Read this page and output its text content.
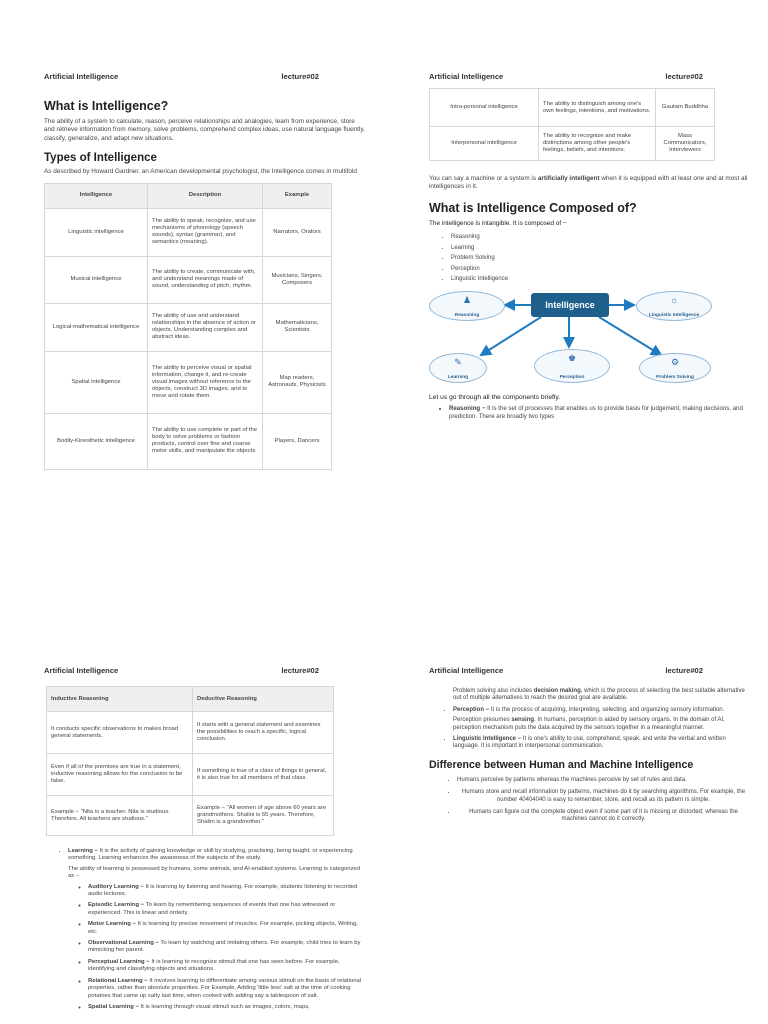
Artificial Intelligence	lecture#02
What is Intelligence?

The ability of a system to calculate, reason, perceive relationships and analogies, learn from experience, store and retrieve information from memory, solve problems, comprehend complex ideas, use natural language fluently, classify, generalize, and adapt new situations.

Types of Intelligence

As described by Howard Gardner, an American developmental psychologist, the Intelligence comes in multifold

Intelligence	Description	Example
Linguistic intelligence	The ability to speak, recognize, and use mechanisms of phonology (speech sounds), syntax (grammar), and semantics (meaning).	Narrators, Orators
Musical intelligence	The ability to create, communicate with, and understand meanings made of sound, understanding of pitch, rhythm.	Musicians, Singers, Composers
Logical-mathematical intelligence	The ability of use and understand relationships in the absence of action or objects. Understanding complex and abstract ideas.	Mathematicians, Scientists
Spatial intelligence	The ability to perceive visual or spatial information, change it, and re-create visual images without reference to the objects, construct 3D images, and to move and rotate them.	Map readers, Astronauts, Physicists
Bodily-Kinesthetic intelligence	The ability to use complete or part of the body to solve problems or fashion products, control over fine and coarse motor skills, and manipulate the objects.	Players, Dancers
Artificial Intelligence	lecture#02
Intra-personal intelligence	The ability to distinguish among one's own feelings, intentions, and motivations.	Gautam Buddhha
Interpersonal intelligence	The ability to recognize and make distinctions among other people's feelings, beliefs, and intentions.	Mass Communicators, Interviewers

You can say a machine or a system is artificially intelligent when it is equipped with at least one and at most all intelligences in it.

What is Intelligence Composed of?

The intelligence is intangible. It is composed of −

• Reasoning
• Learning
• Problem Solving
• Perception
• Linguistic Intelligence
Intelligence
♟
Reasoning
☼
Linguistic Intelligence
✎
Learning
♚
Perception
⚙
Problem Solving

Let us go through all the components briefly.

• Reasoning − It is the set of processes that enables us to provide basis for judgement, making decisions, and prediction. There are broadly two types
Artificial Intelligence	lecture#02
Inductive Reasoning	Deductive Reasoning
It conducts specific observations to makes broad general statements.	It starts with a general statement and examines the possibilities to reach a specific, logical conclusion.
Even if all of the premises are true in a statement, inductive reasoning allows for the conclusion to be false.	If something is true of a class of things in general, it is also true for all members of that class.
Example − "Nita is a teacher. Nita is studious. Therefore, All teachers are studious."	Example − "All women of age above 60 years are grandmothers. Shalini is 65 years. Therefore, Shalini is a grandmother."
• Learning − It is the activity of gaining knowledge or skill by studying, practising, being taught, or experiencing something. Learning enhances the awareness of the subjects of the study.
The ability of learning is possessed by humans, some animals, and AI-enabled systems. Learning is categorized as −
◦ Auditory Learning − It is learning by listening and hearing. For example, students listening to recorded audio lectures.
◦ Episodic Learning − To learn by remembering sequences of events that one has witnessed or experienced. This is linear and orderly.
◦ Motor Learning − It is learning by precise movement of muscles. For example, picking objects, Writing, etc.
◦ Observational Learning − To learn by watching and imitating others. For example, child tries to learn by mimicking her parent.
◦ Perceptual Learning − It is learning to recognize stimuli that one has seen before. For example, identifying and classifying objects and situations.
◦ Relational Learning − It involves learning to differentiate among various stimuli on the basis of relational properties, rather than absolute properties. For Example, Adding 'little less' salt at the time of cooking potatoes that came up salty last time, when cooked with adding say a tablespoon of salt.
◦ Spatial Learning − It is learning through visual stimuli such as images, colors, maps,
Artificial Intelligence	lecture#02
Problem solving also includes decision making, which is the process of selecting the best suitable alternative out of multiple alternatives to reach the desired goal are available.
• Perception − It is the process of acquiring, interpreting, selecting, and organizing sensory information.
Perception presumes sensing. In humans, perception is aided by sensory organs. In the domain of AI, perception mechanism puts the data acquired by the sensors together in a meaningful manner.
• Linguistic Intelligence − It is one's ability to use, comprehend, speak, and write the verbal and written language. It is important in interpersonal communication.
Difference between Human and Machine Intelligence
• Humans perceive by patterns whereas the machines perceive by set of rules and data.
• Humans store and recall information by patterns, machines do it by searching algorithms. For example, the number 40404040 is easy to remember, store, and recall as its pattern is simple.
• Humans can figure out the complete object even if some part of it is missing or distorted; whereas the machines cannot do it correctly.
